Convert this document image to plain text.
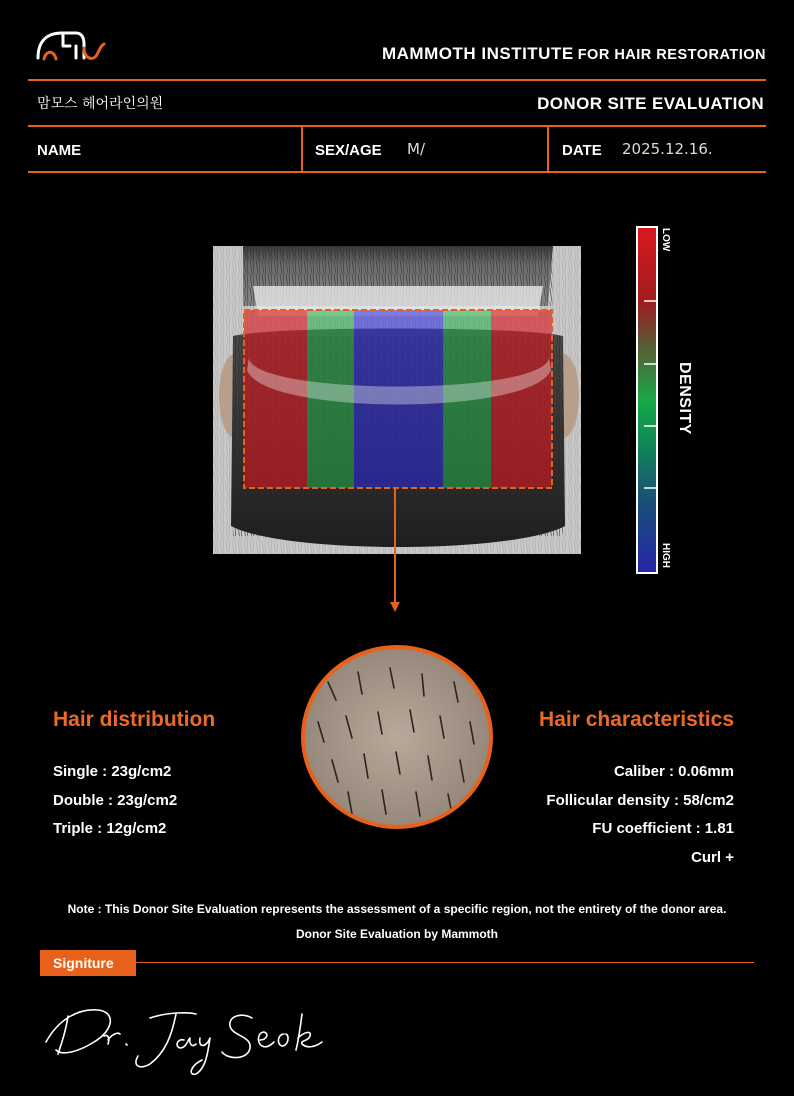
MAMMOTH INSTITUTE FOR HAIR RESTORATION
맘모스 헤어라인의원	DONOR SITE EVALUATION
NAME	SEX/AGE M/	DATE 2025.12.16.
LOW
HIGH
DENSITY
Hair distribution
Single : 23g/cm2
Double : 23g/cm2
Triple : 12g/cm2
Hair characteristics
Caliber : 0.06mm
Follicular density : 58/cm2
FU coefficient : 1.81
Curl +
Note : This Donor Site Evaluation represents the assessment of a specific region, not the entirety of the donor area.
Donor Site Evaluation by Mammoth
Signiture
